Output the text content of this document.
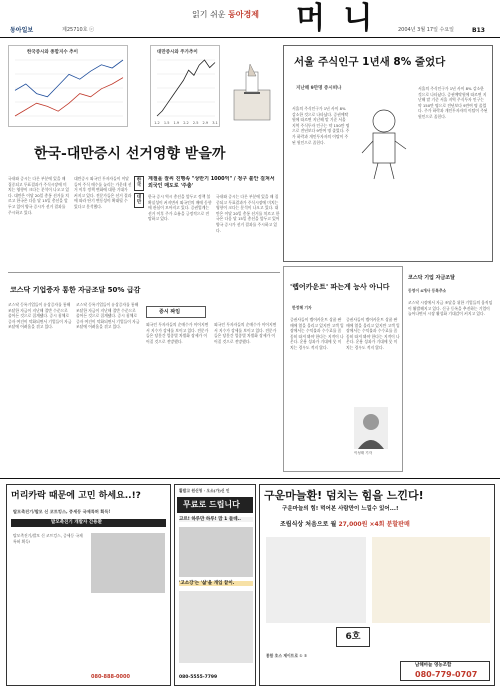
동아일보	제25710호 ⓒ
읽기 쉬운 동아경제 머 니	2004년 3월 17일 수요일	B13
한국증시와 종합지수 추이	대만증시와 주가추이
1.2 1.5 1.9 2.2 2.5 2.9 3.1
서울 주식인구 1년새 8% 줄었다
지난해 9만명 증시떠나
서울의 주식인구가 1년 사이 8% 감소한 것으로 나타났다. 증권예탁원에 따르면 지난해 말 기준 서울 지역 주식투자 인구는 약 150만 명으로 전년보다 9만여 명 줄었다. 주가 하락과 개인투자자의 이탈이 주된 원인으로 꼽힌다.
서울의 주식인구가 1년 사이 8% 감소한 것으로 나타났다. 증권예탁원에 따르면 지난해 말 기준 서울 지역 주식투자 인구는 약 150만 명으로 전년보다 9만여 명 줄었다. 주가 하락과 개인투자자의 이탈이 주된 원인으로 꼽힌다.
한국-대만증시 선거영향 받을까
국내와 증시는 다른 부분에 있을 때 집중되고 투표결과가 주식시장에 미치는 영향이 크다는 분석이 나오고 있다. 대만은 이달 20일 총통 선거를 치르고 한국은 다음 달 15일 총선을 앞두고 있어 양국 증시가 선거 결과를 주시하고 있다.
대만증시 외국인 투자자들이 이달 들어 주식 매수를 늘리는 가운데 선거 이후 정책 변화에 대한 기대가 커지고 있다. 전문가들은 선거 결과에 따라 단기 변동성이 확대될 수 있다고 분석했다.
한국
대만
계절을 잘씨 진행속 "상반기 1000억" / 청구 불안 걸쳐서 외국인 매도로 '주춤'
한국 증시 역시 총선을 앞두고 정책 불확실성이 커지면서 외국인의 매매 동향에 관심이 모아지고 있다. 증권업계는 선거 이후 주가 흐름을 긍정적으로 전망하고 있다.
국내와 증시는 다른 부분에 있을 때 집중되고 투표결과가 주식시장에 미치는 영향이 크다는 분석이 나오고 있다. 대만은 이달 20일 총통 선거를 치르고 한국은 다음 달 15일 총선을 앞두고 있어 양국 증시가 선거 결과를 주시하고 있다.
코스닥 기업증자 통한 자금조달 50% 급감
코스닥 등록기업들이 유상증자를 통해 조달한 자금이 지난해 절반 수준으로 줄어든 것으로 집계됐다. 증시 침체로 증자 여건이 악화되면서 기업들이 자금 조달에 어려움을 겪고 있다.
코스닥 등록기업들이 유상증자를 통해 조달한 자금이 지난해 절반 수준으로 줄어든 것으로 집계됐다. 증시 침체로 증자 여건이 악화되면서 기업들이 자금 조달에 어려움을 겪고 있다.
증시 짜임
외국인 투자자들의 순매수가 이어지면서 지수가 강세를 보이고 있다. 전문가들은 당분간 업종별 차별화 장세가 이어질 것으로 전망했다.
외국인 투자자들의 순매수가 이어지면서 지수가 강세를 보이고 있다. 전문가들은 당분간 업종별 차별화 장세가 이어질 것으로 전망했다.
'렙어카운트' 파는게 능사 아니다
한정혜 기자
증권사들이 렙어카운트 상품 판매에 열을 올리고 있지만 고객 입장에서는 수익률과 수수료를 꼼꼼히 따져 봐야 한다는 지적이 나온다. 운용 성과가 기대에 못 미치는 경우도 적지 않다.
증권사들이 렙어카운트 상품 판매에 열을 올리고 있지만 고객 입장에서는 수익률과 수수료를 꼼꼼히 따져 봐야 한다는 지적이 나온다. 운용 성과가 기대에 못 미치는 경우도 적지 않다.
이성태 기자
코스닥 기업 자금조달
등영이 4개사 등록추소
코스닥 시장에서 자금 조달을 위한 기업들의 움직임이 활발해지고 있다. 신규 등록을 추진하는 기업이 늘어나면서 시장 활성화 기대감이 커지고 있다.
머리카락 때문에 고민 하세요..!?
탈모촉진기/발모 신 코트킹스, 증세등 국제특허 획득!
발모촉진기 개발자 간용환
탈모촉진기/발모 신 코트킹스, 증세등 국제특허 획득!
080-888-0000
활발고 원신청 · 오소(가)신 인
무료로 드립니다
고르! 하루만 하루! 맘 1 들데..
'고소강'는 '삶'을 개입 끝이.
080-5555-7799
구운마늘환! 덤치는 힘을 느낀다!
구운마늘의 힘! 먹어본 사람만이 느낄수 있어...!
조립식상 처음으로 월 27,000원 ×4회 분할판매
6호
통합 호스 제이트로 ① ②
남해마늘 영농조합
080-779-0707
